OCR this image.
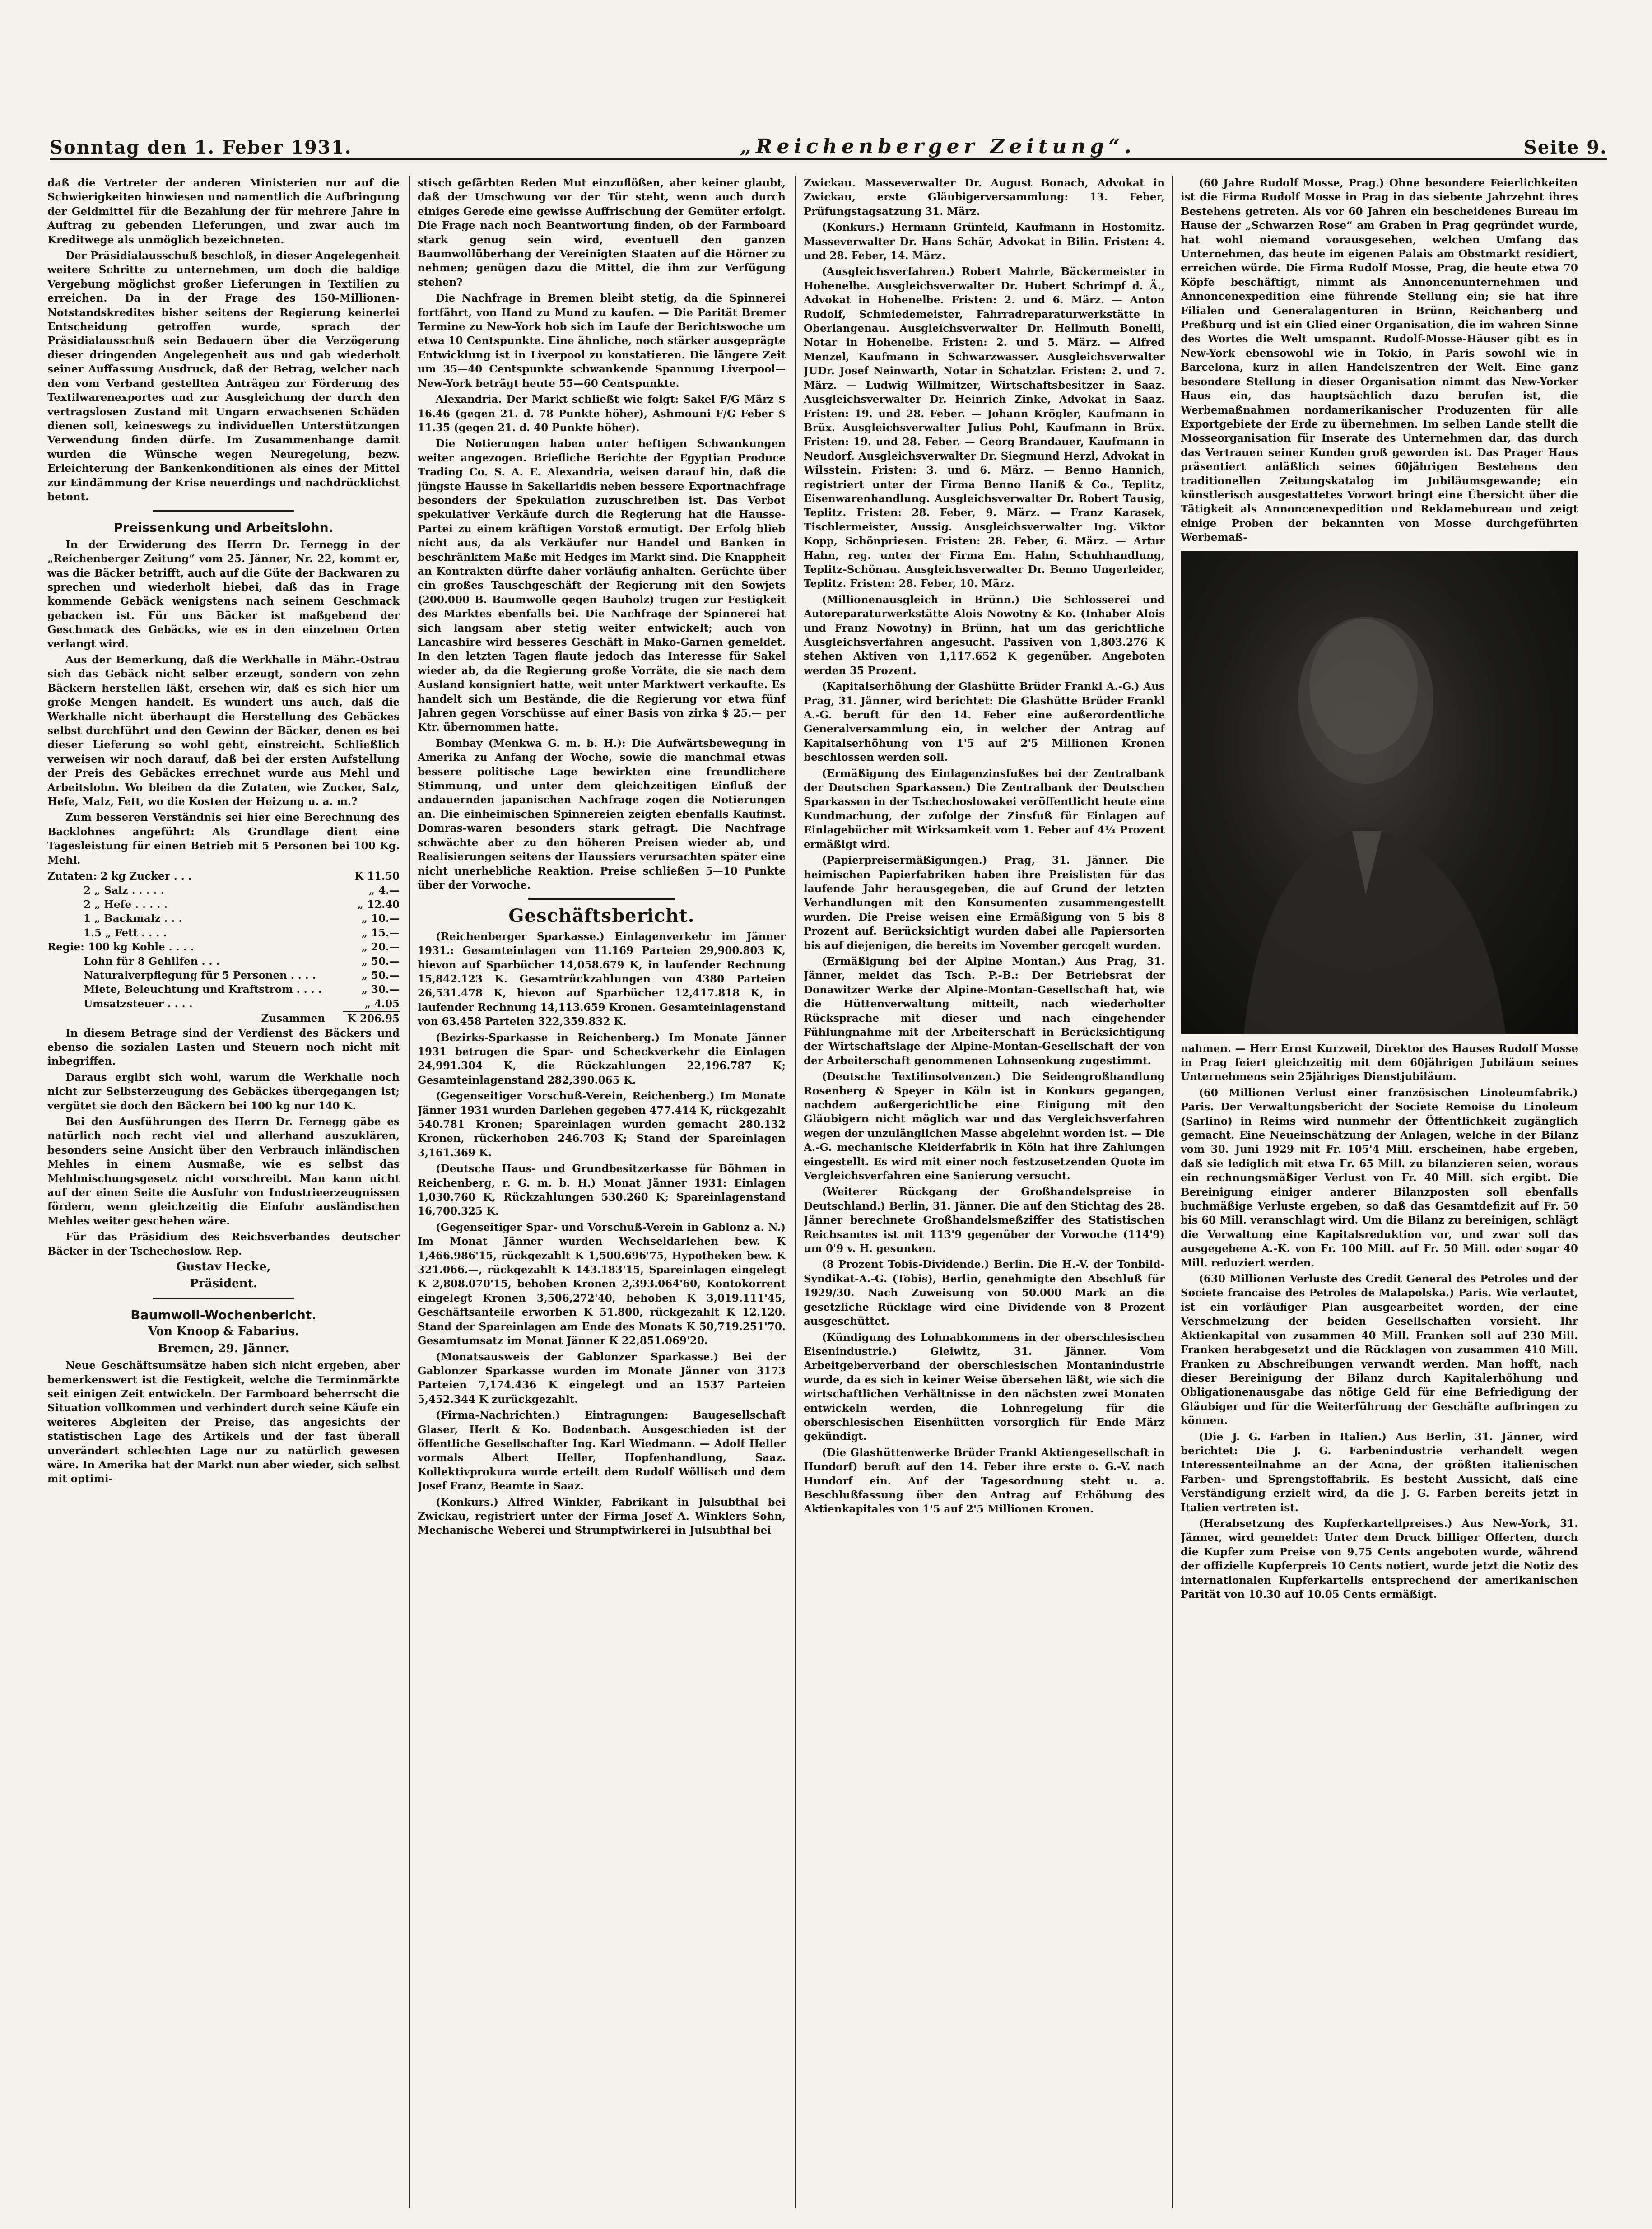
Sonntag den 1. Feber 1931.	„Reichenberger Zeitung“.	Seite 9.

daß die Vertreter der anderen Ministerien nur auf die Schwierigkeiten hinwiesen und namentlich die Aufbringung der Geldmittel für die Bezahlung der für mehrere Jahre in Auftrag zu gebenden Lieferungen, und zwar auch im Kreditwege als unmöglich bezeichneten.

Der Präsidialausschuß beschloß, in dieser Angelegenheit weitere Schritte zu unternehmen, um doch die baldige Vergebung möglichst großer Lieferungen in Textilien zu erreichen. Da in der Frage des 150-Millionen-Notstandskredites bisher seitens der Regierung keinerlei Entscheidung getroffen wurde, sprach der Präsidialausschuß sein Bedauern über die Verzögerung dieser dringenden Angelegenheit aus und gab wiederholt seiner Auffassung Ausdruck, daß der Betrag, welcher nach den vom Verband gestellten Anträgen zur Förderung des Textilwarenexportes und zur Ausgleichung der durch den vertragslosen Zustand mit Ungarn erwachsenen Schäden dienen soll, keineswegs zu individuellen Unterstützungen Verwendung finden dürfe. Im Zusammenhange damit wurden die Wünsche wegen Neuregelung, bezw. Erleichterung der Bankenkonditionen als eines der Mittel zur Eindämmung der Krise neuerdings und nachdrücklichst betont.

Preissenkung und Arbeitslohn.

In der Erwiderung des Herrn Dr. Fernegg in der „Reichenberger Zeitung“ vom 25. Jänner, Nr. 22, kommt er, was die Bäcker betrifft, auch auf die Güte der Backwaren zu sprechen und wiederholt hiebei, daß das in Frage kommende Gebäck wenigstens nach seinem Geschmack gebacken ist. Für uns Bäcker ist maßgebend der Geschmack des Gebäcks, wie es in den einzelnen Orten verlangt wird.

Aus der Bemerkung, daß die Werkhalle in Mähr.-Ostrau sich das Gebäck nicht selber erzeugt, sondern von zehn Bäckern herstellen läßt, ersehen wir, daß es sich hier um große Mengen handelt. Es wundert uns auch, daß die Werkhalle nicht überhaupt die Herstellung des Gebäckes selbst durchführt und den Gewinn der Bäcker, denen es bei dieser Lieferung so wohl geht, einstreicht. Schließlich verweisen wir noch darauf, daß bei der ersten Aufstellung der Preis des Gebäckes errechnet wurde aus Mehl und Arbeitslohn. Wo bleiben da die Zutaten, wie Zucker, Salz, Hefe, Malz, Fett, wo die Kosten der Heizung u. a. m.?

Zum besseren Verständnis sei hier eine Berechnung des Backlohnes angeführt: Als Grundlage dient eine Tagesleistung für einen Betrieb mit 5 Personen bei 100 Kg. Mehl.

Zutaten: 2 kg Zucker . . .	K 11.50
2 „ Salz . . . . .	„ 4.—
2 „ Hefe . . . . .	„ 12.40
1 „ Backmalz . . .	„ 10.—
1.5 „ Fett . . . .	„ 15.—
Regie: 100 kg Kohle . . . .	„ 20.—
Lohn für 8 Gehilfen . . .	„ 50.—
Naturalverpflegung für 5 Personen . . . .	„ 50.—
Miete, Beleuchtung und Kraftstrom . . . .	„ 30.—
Umsatzsteuer . . . .	„ 4.05
Zusammen	K 206.95

In diesem Betrage sind der Verdienst des Bäckers und ebenso die sozialen Lasten und Steuern noch nicht mit inbegriffen.

Daraus ergibt sich wohl, warum die Werkhalle noch nicht zur Selbsterzeugung des Gebäckes übergegangen ist; vergütet sie doch den Bäckern bei 100 kg nur 140 K.

Bei den Ausführungen des Herrn Dr. Fernegg gäbe es natürlich noch recht viel und allerhand auszuklären, besonders seine Ansicht über den Verbrauch inländischen Mehles in einem Ausmaße, wie es selbst das Mehlmischungsgesetz nicht vorschreibt. Man kann nicht auf der einen Seite die Ausfuhr von Industrieerzeugnissen fördern, wenn gleichzeitig die Einfuhr ausländischen Mehles weiter geschehen wäre.

Für das Präsidium des Reichsverbandes deutscher Bäcker in der Tschechoslow. Rep.

Gustav Hecke,
Präsident.
Baumwoll-Wochenbericht.
Von Knoop & Fabarius.
Bremen, 29. Jänner.

Neue Geschäftsumsätze haben sich nicht ergeben, aber bemerkenswert ist die Festigkeit, welche die Terminmärkte seit einigen Zeit entwickeln. Der Farmboard beherrscht die Situation vollkommen und verhindert durch seine Käufe ein weiteres Abgleiten der Preise, das angesichts der statistischen Lage des Artikels und der fast überall unverändert schlechten Lage nur zu natürlich gewesen wäre. In Amerika hat der Markt nun aber wieder, sich selbst mit optimi-

stisch gefärbten Reden Mut einzuflößen, aber keiner glaubt, daß der Umschwung vor der Tür steht, wenn auch durch einiges Gerede eine gewisse Auffrischung der Gemüter erfolgt. Die Frage nach noch Beantwortung finden, ob der Farmboard stark genug sein wird, eventuell den ganzen Baumwollüberhang der Vereinigten Staaten auf die Hörner zu nehmen; genügen dazu die Mittel, die ihm zur Verfügung stehen?

Die Nachfrage in Bremen bleibt stetig, da die Spinnerei fortfährt, von Hand zu Mund zu kaufen. — Die Parität Bremer Termine zu New-York hob sich im Laufe der Berichtswoche um etwa 10 Centspunkte. Eine ähnliche, noch stärker ausgeprägte Entwicklung ist in Liverpool zu konstatieren. Die längere Zeit um 35—40 Centspunkte schwankende Spannung Liverpool—New-York beträgt heute 55—60 Centspunkte.

Alexandria. Der Markt schließt wie folgt: Sakel F/G März $ 16.46 (gegen 21. d. 78 Punkte höher), Ashmouni F/G Feber $ 11.35 (gegen 21. d. 40 Punkte höher).

Die Notierungen haben unter heftigen Schwankungen weiter angezogen. Briefliche Berichte der Egyptian Produce Trading Co. S. A. E. Alexandria, weisen darauf hin, daß die jüngste Hausse in Sakellaridis neben bessere Exportnachfrage besonders der Spekulation zuzuschreiben ist. Das Verbot spekulativer Verkäufe durch die Regierung hat die Hausse-Partei zu einem kräftigen Vorstoß ermutigt. Der Erfolg blieb nicht aus, da als Verkäufer nur Handel und Banken in beschränktem Maße mit Hedges im Markt sind. Die Knappheit an Kontrakten dürfte daher vorläufig anhalten. Gerüchte über ein großes Tauschgeschäft der Regierung mit den Sowjets (200.000 B. Baumwolle gegen Bauholz) trugen zur Festigkeit des Marktes ebenfalls bei. Die Nachfrage der Spinnerei hat sich langsam aber stetig weiter entwickelt; auch von Lancashire wird besseres Geschäft in Mako-Garnen gemeldet. In den letzten Tagen flaute jedoch das Interesse für Sakel wieder ab, da die Regierung große Vorräte, die sie nach dem Ausland konsigniert hatte, weit unter Marktwert verkaufte. Es handelt sich um Bestände, die die Regierung vor etwa fünf Jahren gegen Vorschüsse auf einer Basis von zirka $ 25.— per Ktr. übernommen hatte.

Bombay (Menkwa G. m. b. H.): Die Aufwärtsbewegung in Amerika zu Anfang der Woche, sowie die manchmal etwas bessere politische Lage bewirkten eine freundlichere Stimmung, und unter dem gleichzeitigen Einfluß der andauernden japanischen Nachfrage zogen die Notierungen an. Die einheimischen Spinnereien zeigten ebenfalls Kaufinst. Domras-waren besonders stark gefragt. Die Nachfrage schwächte aber zu den höheren Preisen wieder ab, und Realisierungen seitens der Haussiers verursachten später eine nicht unerhebliche Reaktion. Preise schließen 5—10 Punkte über der Vorwoche.

Geschäftsbericht.

(Reichenberger Sparkasse.) Einlagenverkehr im Jänner 1931.: Gesamteinlagen von 11.169 Parteien 29,900.803 K, hievon auf Sparbücher 14,058.679 K, in laufender Rechnung 15,842.123 K. Gesamtrückzahlungen von 4380 Parteien 26,531.478 K, hievon auf Sparbücher 12,417.818 K, in laufender Rechnung 14,113.659 Kronen. Gesamteinlagenstand von 63.458 Parteien 322,359.832 K.

(Bezirks-Sparkasse in Reichenberg.) Im Monate Jänner 1931 betrugen die Spar- und Scheckverkehr die Einlagen 24,991.304 K, die Rückzahlungen 22,196.787 K; Gesamteinlagenstand 282,390.065 K.

(Gegenseitiger Vorschuß-Verein, Reichenberg.) Im Monate Jänner 1931 wurden Darlehen gegeben 477.414 K, rückgezahlt 540.781 Kronen; Spareinlagen wurden gemacht 280.132 Kronen, rückerhoben 246.703 K; Stand der Spareinlagen 3,161.369 K.

(Deutsche Haus- und Grundbesitzerkasse für Böhmen in Reichenberg, r. G. m. b. H.) Monat Jänner 1931: Einlagen 1,030.760 K, Rückzahlungen 530.260 K; Spareinlagenstand 16,700.325 K.

(Gegenseitiger Spar- und Vorschuß-Verein in Gablonz a. N.) Im Monat Jänner wurden Wechseldarlehen bew. K 1,466.986'15, rückgezahlt K 1,500.696'75, Hypotheken bew. K 321.066.—, rückgezahlt K 143.183'15, Spareinlagen eingelegt K 2,808.070'15, behoben Kronen 2,393.064'60, Kontokorrent eingelegt Kronen 3,506,272'40, behoben K 3,019.111'45, Geschäftsanteile erworben K 51.800, rückgezahlt K 12.120. Stand der Spareinlagen am Ende des Monats K 50,719.251'70. Gesamtumsatz im Monat Jänner K 22,851.069'20.

(Monatsausweis der Gablonzer Sparkasse.) Bei der Gablonzer Sparkasse wurden im Monate Jänner von 3173 Parteien 7,174.436 K eingelegt und an 1537 Parteien 5,452.344 K zurückgezahlt.

(Firma-Nachrichten.) Eintragungen: Baugesellschaft Glaser, Herlt & Ko. Bodenbach. Ausgeschieden ist der öffentliche Gesellschafter Ing. Karl Wiedmann. — Adolf Heller vormals Albert Heller, Hopfenhandlung, Saaz. Kollektivprokura wurde erteilt dem Rudolf Wöllisch und dem Josef Franz, Beamte in Saaz.

(Konkurs.) Alfred Winkler, Fabrikant in Julsubthal bei Zwickau, registriert unter der Firma Josef A. Winklers Sohn, Mechanische Weberei und Strumpfwirkerei in Julsubthal bei

Zwickau. Masseverwalter Dr. August Bonach, Advokat in Zwickau, erste Gläubigerversammlung: 13. Feber, Prüfungstagsatzung 31. März.

(Konkurs.) Hermann Grünfeld, Kaufmann in Hostomitz. Masseverwalter Dr. Hans Schär, Advokat in Bilin. Fristen: 4. und 28. Feber, 14. März.

(Ausgleichsverfahren.) Robert Mahrle, Bäckermeister in Hohenelbe. Ausgleichsverwalter Dr. Hubert Schrimpf d. Ä., Advokat in Hohenelbe. Fristen: 2. und 6. März. — Anton Rudolf, Schmiedemeister, Fahrradreparaturwerkstätte in Oberlangenau. Ausgleichsverwalter Dr. Hellmuth Bonelli, Notar in Hohenelbe. Fristen: 2. und 5. März. — Alfred Menzel, Kaufmann in Schwarzwasser. Ausgleichsverwalter JUDr. Josef Neinwarth, Notar in Schatzlar. Fristen: 2. und 7. März. — Ludwig Willmitzer, Wirtschaftsbesitzer in Saaz. Ausgleichsverwalter Dr. Heinrich Zinke, Advokat in Saaz. Fristen: 19. und 28. Feber. — Johann Krögler, Kaufmann in Brüx. Ausgleichsverwalter Julius Pohl, Kaufmann in Brüx. Fristen: 19. und 28. Feber. — Georg Brandauer, Kaufmann in Neudorf. Ausgleichsverwalter Dr. Siegmund Herzl, Advokat in Wilsstein. Fristen: 3. und 6. März. — Benno Hannich, registriert unter der Firma Benno Haniß & Co., Teplitz, Eisenwarenhandlung. Ausgleichsverwalter Dr. Robert Tausig, Teplitz. Fristen: 28. Feber, 9. März. — Franz Karasek, Tischlermeister, Aussig. Ausgleichsverwalter Ing. Viktor Kopp, Schönpriesen. Fristen: 28. Feber, 6. März. — Artur Hahn, reg. unter der Firma Em. Hahn, Schuhhandlung, Teplitz-Schönau. Ausgleichsverwalter Dr. Benno Ungerleider, Teplitz. Fristen: 28. Feber, 10. März.

(Millionenausgleich in Brünn.) Die Schlosserei und Autoreparaturwerkstätte Alois Nowotny & Ko. (Inhaber Alois und Franz Nowotny) in Brünn, hat um das gerichtliche Ausgleichsverfahren angesucht. Passiven von 1,803.276 K stehen Aktiven von 1,117.652 K gegenüber. Angeboten werden 35 Prozent.

(Kapitalserhöhung der Glashütte Brüder Frankl A.-G.) Aus Prag, 31. Jänner, wird berichtet: Die Glashütte Brüder Frankl A.-G. beruft für den 14. Feber eine außerordentliche Generalversammlung ein, in welcher der Antrag auf Kapitalserhöhung von 1'5 auf 2'5 Millionen Kronen beschlossen werden soll.

(Ermäßigung des Einlagenzinsfußes bei der Zentralbank der Deutschen Sparkassen.) Die Zentralbank der Deutschen Sparkassen in der Tschechoslowakei veröffentlicht heute eine Kundmachung, der zufolge der Zinsfuß für Einlagen auf Einlagebücher mit Wirksamkeit vom 1. Feber auf 4¼ Prozent ermäßigt wird.

(Papierpreisermäßigungen.) Prag, 31. Jänner. Die heimischen Papierfabriken haben ihre Preislisten für das laufende Jahr herausgegeben, die auf Grund der letzten Verhandlungen mit den Konsumenten zusammengestellt wurden. Die Preise weisen eine Ermäßigung von 5 bis 8 Prozent auf. Berücksichtigt wurden dabei alle Papiersorten bis auf diejenigen, die bereits im November gercgelt wurden.

(Ermäßigung bei der Alpine Montan.) Aus Prag, 31. Jänner, meldet das Tsch. P.-B.: Der Betriebsrat der Donawitzer Werke der Alpine-Montan-Gesellschaft hat, wie die Hüttenverwaltung mitteilt, nach wiederholter Rücksprache mit dieser und nach eingehender Fühlungnahme mit der Arbeiterschaft in Berücksichtigung der Wirtschaftslage der Alpine-Montan-Gesellschaft der von der Arbeiterschaft genommenen Lohnsenkung zugestimmt.

(Deutsche Textilinsolvenzen.) Die Seidengroßhandlung Rosenberg & Speyer in Köln ist in Konkurs gegangen, nachdem außergerichtliche eine Einigung mit den Gläubigern nicht möglich war und das Vergleichsverfahren wegen der unzulänglichen Masse abgelehnt worden ist. — Die A.-G. mechanische Kleiderfabrik in Köln hat ihre Zahlungen eingestellt. Es wird mit einer noch festzusetzenden Quote im Vergleichsverfahren eine Sanierung versucht.

(Weiterer Rückgang der Großhandelspreise in Deutschland.) Berlin, 31. Jänner. Die auf den Stichtag des 28. Jänner berechnete Großhandelsmeßziffer des Statistischen Reichsamtes ist mit 113'9 gegenüber der Vorwoche (114'9) um 0'9 v. H. gesunken.

(8 Prozent Tobis-Dividende.) Berlin. Die H.-V. der Tonbild-Syndikat-A.-G. (Tobis), Berlin, genehmigte den Abschluß für 1929/30. Nach Zuweisung von 50.000 Mark an die gesetzliche Rücklage wird eine Dividende von 8 Prozent ausgeschüttet.

(Kündigung des Lohnabkommens in der oberschlesischen Eisenindustrie.) Gleiwitz, 31. Jänner. Vom Arbeitgeberverband der oberschlesischen Montanindustrie wurde, da es sich in keiner Weise übersehen läßt, wie sich die wirtschaftlichen Verhältnisse in den nächsten zwei Monaten entwickeln werden, die Lohnregelung für die oberschlesischen Eisenhütten vorsorglich für Ende März gekündigt.

(Die Glashüttenwerke Brüder Frankl Aktiengesellschaft in Hundorf) beruft auf den 14. Feber ihre erste o. G.-V. nach Hundorf ein. Auf der Tagesordnung steht u. a. Beschlußfassung über den Antrag auf Erhöhung des Aktienkapitales von 1'5 auf 2'5 Millionen Kronen.

(60 Jahre Rudolf Mosse, Prag.) Ohne besondere Feierlichkeiten ist die Firma Rudolf Mosse in Prag in das siebente Jahrzehnt ihres Bestehens getreten. Als vor 60 Jahren ein bescheidenes Bureau im Hause der „Schwarzen Rose“ am Graben in Prag gegründet wurde, hat wohl niemand vorausgesehen, welchen Umfang das Unternehmen, das heute im eigenen Palais am Obstmarkt residiert, erreichen würde. Die Firma Rudolf Mosse, Prag, die heute etwa 70 Köpfe beschäftigt, nimmt als Annoncenunternehmen und Annoncenexpedition eine führende Stellung ein; sie hat ihre Filialen und Generalagenturen in Brünn, Reichenberg und Preßburg und ist ein Glied einer Organisation, die im wahren Sinne des Wortes die Welt umspannt. Rudolf-Mosse-Häuser gibt es in New-York ebensowohl wie in Tokio, in Paris sowohl wie in Barcelona, kurz in allen Handelszentren der Welt. Eine ganz besondere Stellung in dieser Organisation nimmt das New-Yorker Haus ein, das hauptsächlich dazu berufen ist, die Werbemaßnahmen nordamerikanischer Produzenten für alle Exportgebiete der Erde zu übernehmen. Im selben Lande stellt die Mosseorganisation für Inserate des Unternehmen dar, das durch das Vertrauen seiner Kunden groß geworden ist. Das Prager Haus präsentiert anläßlich seines 60jährigen Bestehens den traditionellen Zeitungskatalog im Jubiläumsgewande; ein künstlerisch ausgestattetes Vorwort bringt eine Übersicht über die Tätigkeit als Annoncenexpedition und Reklamebureau und zeigt einige Proben der bekannten von Mosse durchgeführten Werbemaß-

nahmen. — Herr Ernst Kurzweil, Direktor des Hauses Rudolf Mosse in Prag feiert gleichzeitig mit dem 60jährigen Jubiläum seines Unternehmens sein 25jähriges Dienstjubiläum.

(60 Millionen Verlust einer französischen Linoleumfabrik.) Paris. Der Verwaltungsbericht der Societe Remoise du Linoleum (Sarlino) in Reims wird nunmehr der Öffentlichkeit zugänglich gemacht. Eine Neueinschätzung der Anlagen, welche in der Bilanz vom 30. Juni 1929 mit Fr. 105'4 Mill. erscheinen, habe ergeben, daß sie lediglich mit etwa Fr. 65 Mill. zu bilanzieren seien, woraus ein rechnungsmäßiger Verlust von Fr. 40 Mill. sich ergibt. Die Bereinigung einiger anderer Bilanzposten soll ebenfalls buchmäßige Verluste ergeben, so daß das Gesamtdefizit auf Fr. 50 bis 60 Mill. veranschlagt wird. Um die Bilanz zu bereinigen, schlägt die Verwaltung eine Kapitalsreduktion vor, und zwar soll das ausgegebene A.-K. von Fr. 100 Mill. auf Fr. 50 Mill. oder sogar 40 Mill. reduziert werden.

(630 Millionen Verluste des Credit General des Petroles und der Societe francaise des Petroles de Malapolska.) Paris. Wie verlautet, ist ein vorläufiger Plan ausgearbeitet worden, der eine Verschmelzung der beiden Gesellschaften vorsieht. Ihr Aktienkapital von zusammen 40 Mill. Franken soll auf 230 Mill. Franken herabgesetzt und die Rücklagen von zusammen 410 Mill. Franken zu Abschreibungen verwandt werden. Man hofft, nach dieser Bereinigung der Bilanz durch Kapitalerhöhung und Obligationenausgabe das nötige Geld für eine Befriedigung der Gläubiger und für die Weiterführung der Geschäfte aufbringen zu können.

(Die J. G. Farben in Italien.) Aus Berlin, 31. Jänner, wird berichtet: Die J. G. Farbenindustrie verhandelt wegen Interessenteilnahme an der Acna, der größten italienischen Farben- und Sprengstoffabrik. Es besteht Aussicht, daß eine Verständigung erzielt wird, da die J. G. Farben bereits jetzt in Italien vertreten ist.

(Herabsetzung des Kupferkartellpreises.) Aus New-York, 31. Jänner, wird gemeldet: Unter dem Druck billiger Offerten, durch die Kupfer zum Preise von 9.75 Cents angeboten wurde, während der offizielle Kupferpreis 10 Cents notiert, wurde jetzt die Notiz des internationalen Kupferkartells entsprechend der amerikanischen Parität von 10.30 auf 10.05 Cents ermäßigt.
